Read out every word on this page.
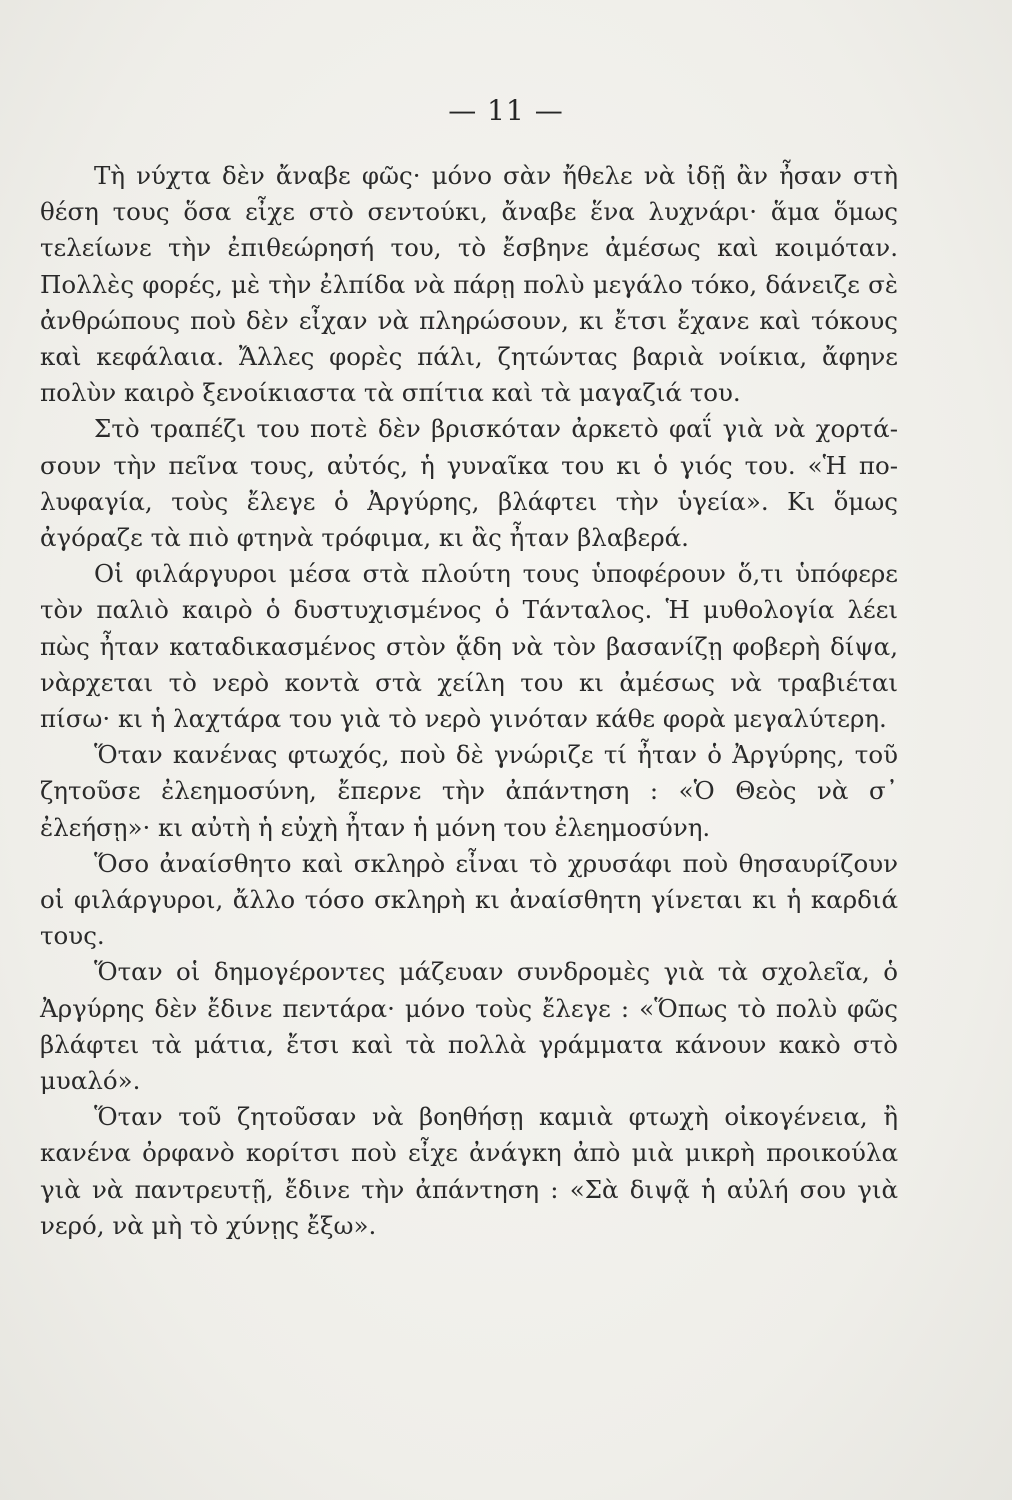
— 11 —

Τὴ νύχτα δὲν ἄναβε φῶς· μόνο σὰν ἤθελε νὰ ἰδῇ ἂν ἦσαν στὴ θέση τους ὅσα εἶχε στὸ σεντούκι, ἄναβε ἕνα λυχνάρι· ἅμα ὅμως τελείωνε τὴν ἐπιθεώρησή του, τὸ ἔσβηνε ἀμέσως καὶ κοιμόταν. Πολλὲς φορές, μὲ τὴν ἐλπίδα νὰ πάρῃ πολὺ μεγάλο τόκο, δάνειζε σὲ ἀνθρώπους ποὺ δὲν εἶχαν νὰ πληρώσουν, κι ἔτσι ἔχανε καὶ τόκους καὶ κεφάλαια. Ἄλλες φορὲς πάλι, ζητώντας βαριὰ νοίκια, ἄφηνε πολὺν καιρὸ ξενοίκιαστα τὰ σπίτια καὶ τὰ μαγαζιά του.

Στὸ τραπέζι του ποτὲ δὲν βρισκόταν ἀρκετὸ φαΐ γιὰ νὰ χορτάσουν τὴν πεῖνα τους, αὐτός, ἡ γυναῖκα του κι ὁ γιός του. «Ἡ πολυφαγία, τοὺς ἔλεγε ὁ Ἀργύρης, βλάφτει τὴν ὑγεία». Κι ὅμως ἀγόραζε τὰ πιὸ φτηνὰ τρόφιμα, κι ἂς ἦταν βλαβερά.

Οἱ φιλάργυροι μέσα στὰ πλούτη τους ὑποφέρουν ὅ,τι ὑπόφερε τὸν παλιὸ καιρὸ ὁ δυστυχισμένος ὁ Τάνταλος. Ἡ μυθολογία λέει πὼς ἦταν καταδικασμένος στὸν ᾅδη νὰ τὸν βασανίζῃ φοβερὴ δίψα, νὰρχεται τὸ νερὸ κοντὰ στὰ χείλη του κι ἀμέσως νὰ τραβιέται πίσω· κι ἡ λαχτάρα του γιὰ τὸ νερὸ γινόταν κάθε φορὰ μεγαλύτερη.

Ὅταν κανένας φτωχός, ποὺ δὲ γνώριζε τί ἦταν ὁ Ἀργύρης, τοῦ ζητοῦσε ἐλεημοσύνη, ἔπερνε τὴν ἀπάντηση : «Ὁ Θεὸς νὰ σ᾽ ἐλεήσῃ»· κι αὐτὴ ἡ εὐχὴ ἦταν ἡ μόνη του ἐλεημοσύνη.

Ὅσο ἀναίσθητο καὶ σκληρὸ εἶναι τὸ χρυσάφι ποὺ θησαυρίζουν οἱ φιλάργυροι, ἄλλο τόσο σκληρὴ κι ἀναίσθητη γίνεται κι ἡ καρδιά τους.

Ὅταν οἱ δημογέροντες μάζευαν συνδρομὲς γιὰ τὰ σχολεῖα, ὁ Ἀργύρης δὲν ἔδινε πεντάρα· μόνο τοὺς ἔλεγε : «Ὅπως τὸ πολὺ φῶς βλάφτει τὰ μάτια, ἔτσι καὶ τὰ πολλὰ γράμματα κάνουν κακὸ στὸ μυαλό».

Ὅταν τοῦ ζητοῦσαν νὰ βοηθήσῃ καμιὰ φτωχὴ οἰκογένεια, ἢ κανένα ὀρφανὸ κορίτσι ποὺ εἶχε ἀνάγκη ἀπὸ μιὰ μικρὴ προικούλα γιὰ νὰ παντρευτῇ, ἔδινε τὴν ἀπάντηση : «Σὰ διψᾷ ἡ αὐλή σου γιὰ νερό, νὰ μὴ τὸ χύνῃς ἔξω».
